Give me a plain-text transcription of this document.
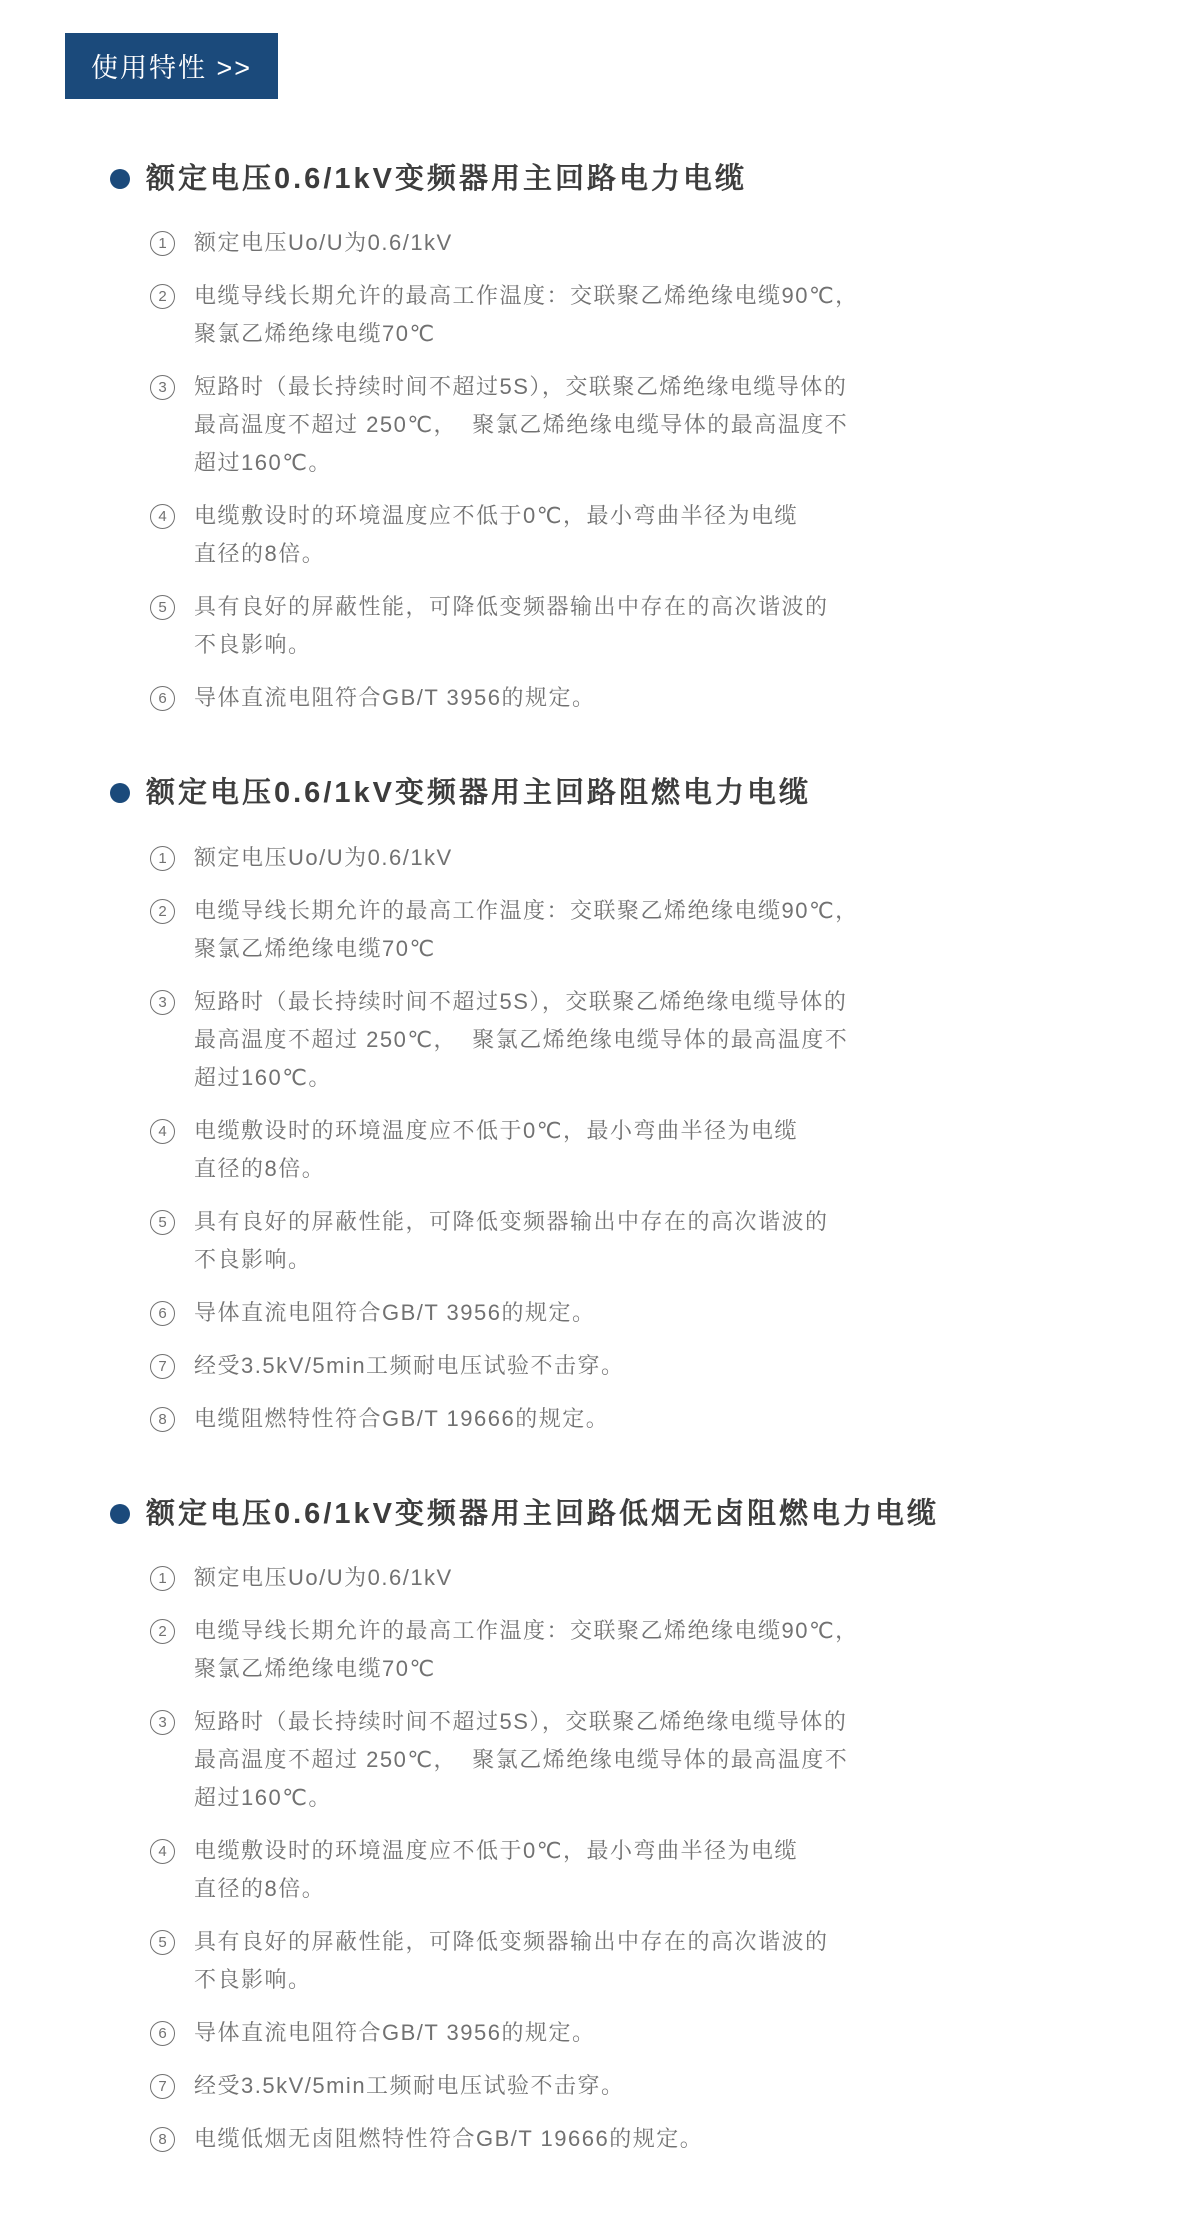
使用特性 >>
额定电压0.6/1kV变频器用主回路电力电缆
1	额定电压Uo/U为0.6/1kV
2	电缆导线长期允许的最高工作温度：交联聚乙烯绝缘电缆90℃，
聚氯乙烯绝缘电缆70℃
3	短路时（最长持续时间不超过5S），交联聚乙烯绝缘电缆导体的
最高温度不超过 250℃，  聚氯乙烯绝缘电缆导体的最高温度不
超过160℃。
4	电缆敷设时的环境温度应不低于0℃，最小弯曲半径为电缆
直径的8倍。
5	具有良好的屏蔽性能，可降低变频器输出中存在的高次谐波的
不良影响。
6	导体直流电阻符合GB/T 3956的规定。
额定电压0.6/1kV变频器用主回路阻燃电力电缆
1	额定电压Uo/U为0.6/1kV
2	电缆导线长期允许的最高工作温度：交联聚乙烯绝缘电缆90℃，
聚氯乙烯绝缘电缆70℃
3	短路时（最长持续时间不超过5S），交联聚乙烯绝缘电缆导体的
最高温度不超过 250℃，  聚氯乙烯绝缘电缆导体的最高温度不
超过160℃。
4	电缆敷设时的环境温度应不低于0℃，最小弯曲半径为电缆
直径的8倍。
5	具有良好的屏蔽性能，可降低变频器输出中存在的高次谐波的
不良影响。
6	导体直流电阻符合GB/T 3956的规定。
7	经受3.5kV/5min工频耐电压试验不击穿。
8	电缆阻燃特性符合GB/T 19666的规定。
额定电压0.6/1kV变频器用主回路低烟无卤阻燃电力电缆
1	额定电压Uo/U为0.6/1kV
2	电缆导线长期允许的最高工作温度：交联聚乙烯绝缘电缆90℃，
聚氯乙烯绝缘电缆70℃
3	短路时（最长持续时间不超过5S），交联聚乙烯绝缘电缆导体的
最高温度不超过 250℃，  聚氯乙烯绝缘电缆导体的最高温度不
超过160℃。
4	电缆敷设时的环境温度应不低于0℃，最小弯曲半径为电缆
直径的8倍。
5	具有良好的屏蔽性能，可降低变频器输出中存在的高次谐波的
不良影响。
6	导体直流电阻符合GB/T 3956的规定。
7	经受3.5kV/5min工频耐电压试验不击穿。
8	电缆低烟无卤阻燃特性符合GB/T 19666的规定。
